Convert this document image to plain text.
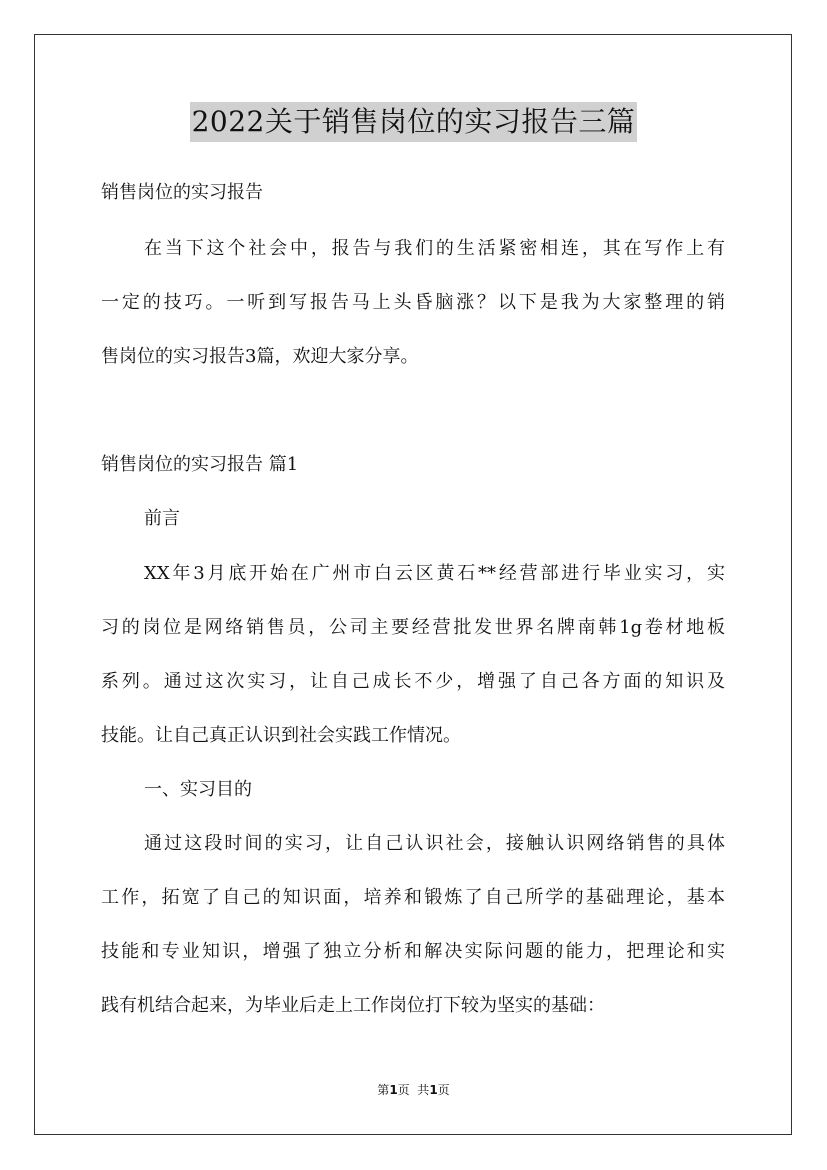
2022关于销售岗位的实习报告三篇
销售岗位的实习报告
在当下这个社会中，报告与我们的生活紧密相连，其在写作上有
一定的技巧。一听到写报告马上头昏脑涨？以下是我为大家整理的销
售岗位的实习报告3篇，欢迎大家分享。
销售岗位的实习报告 篇1
前言
XX年3月底开始在广州市白云区黄石**经营部进行毕业实习，实
习的岗位是网络销售员，公司主要经营批发世界名牌南韩1g卷材地板
系列。通过这次实习，让自己成长不少，增强了自己各方面的知识及
技能。让自己真正认识到社会实践工作情况。
一、实习目的
通过这段时间的实习，让自己认识社会，接触认识网络销售的具体
工作，拓宽了自己的知识面，培养和锻炼了自己所学的基础理论，基本
技能和专业知识，增强了独立分析和解决实际问题的能力，把理论和实
践有机结合起来，为毕业后走上工作岗位打下较为坚实的基础：
第1页  共1页
